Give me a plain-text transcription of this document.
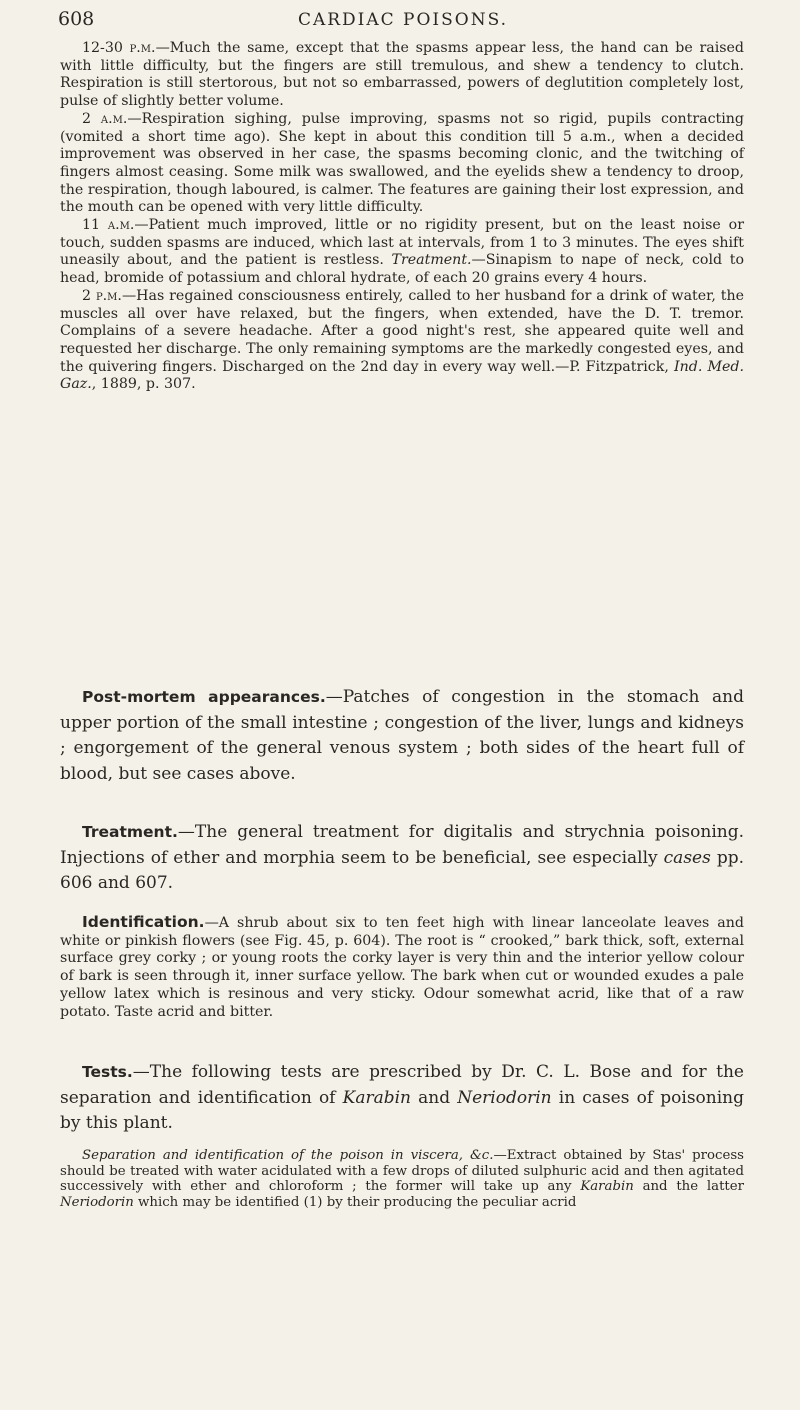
608	CARDIAC POISONS.

12-30 p.m.—Much the same, except that the spasms appear less, the hand can be raised with little difficulty, but the fingers are still tremulous, and shew a tendency to clutch. Respiration is still stertorous, but not so embarrassed, powers of deglutition completely lost, pulse of slightly better volume.

2 a.m.—Respiration sighing, pulse improving, spasms not so rigid, pupils contracting (vomited a short time ago). She kept in about this condition till 5 a.m., when a decided improvement was observed in her case, the spasms becoming clonic, and the twitching of fingers almost ceasing. Some milk was swallowed, and the eyelids shew a tendency to droop, the respiration, though laboured, is calmer. The features are gaining their lost expression, and the mouth can be opened with very little difficulty.

11 a.m.—Patient much improved, little or no rigidity present, but on the least noise or touch, sudden spasms are induced, which last at intervals, from 1 to 3 minutes. The eyes shift uneasily about, and the patient is restless. Treatment.—Sinapism to nape of neck, cold to head, bromide of potassium and chloral hydrate, of each 20 grains every 4 hours.

2 p.m.—Has regained consciousness entirely, called to her husband for a drink of water, the muscles all over have relaxed, but the fingers, when extended, have the D. T. tremor. Complains of a severe headache. After a good night's rest, she appeared quite well and requested her discharge. The only remaining symptoms are the markedly congested eyes, and the quivering fingers. Discharged on the 2nd day in every way well.—P. Fitzpatrick, Ind. Med. Gaz., 1889, p. 307.

Post-mortem appearances.—Patches of congestion in the stomach and upper portion of the small intestine ; congestion of the liver, lungs and kidneys ; engorgement of the general venous system ; both sides of the heart full of blood, but see cases above.

Treatment.—The general treatment for digitalis and strychnia poisoning. Injections of ether and morphia seem to be beneficial, see especially cases pp. 606 and 607.

Identification.—A shrub about six to ten feet high with linear lanceolate leaves and white or pinkish flowers (see Fig. 45, p. 604). The root is “ crooked,” bark thick, soft, external surface grey corky ; or young roots the corky layer is very thin and the interior yellow colour of bark is seen through it, inner surface yellow. The bark when cut or wounded exudes a pale yellow latex which is resinous and very sticky. Odour somewhat acrid, like that of a raw potato. Taste acrid and bitter.

Tests.—The following tests are prescribed by Dr. C. L. Bose and for the separation and identification of Karabin and Neriodorin in cases of poisoning by this plant.

Separation and identification of the poison in viscera, &c.—Extract obtained by Stas' process should be treated with water acidulated with a few drops of diluted sulphuric acid and then agitated successively with ether and chloroform ; the former will take up any Karabin and the latter Neriodorin which may be identified (1) by their producing the peculiar acrid
